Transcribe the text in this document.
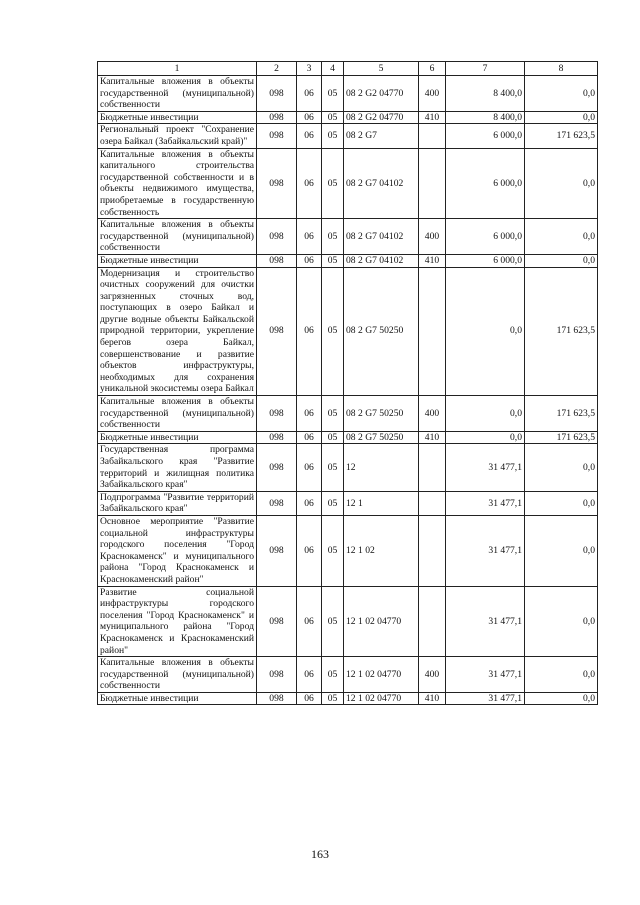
1	2	3	4	5	6	7	8
Капитальные вложения в объекты государственной (муниципальной) собственности	098	06	05	08 2 G2 04770	400	8 400,0	0,0
Бюджетные инвестиции	098	06	05	08 2 G2 04770	410	8 400,0	0,0
Региональный проект "Сохранение озера Байкал (Забайкальский край)"	098	06	05	08 2 G7		6 000,0	171 623,5
Капитальные вложения в объекты капитального строительства государственной собственности и в объекты недвижимого имущества, приобретаемые в государственную собственность	098	06	05	08 2 G7 04102		6 000,0	0,0
Капитальные вложения в объекты государственной (муниципальной) собственности	098	06	05	08 2 G7 04102	400	6 000,0	0,0
Бюджетные инвестиции	098	06	05	08 2 G7 04102	410	6 000,0	0,0
Модернизация и строительство очистных сооружений для очистки загрязненных сточных вод, поступающих в озеро Байкал и другие водные объекты Байкальской природной территории, укрепление берегов озера Байкал, совершенствование и развитие объектов инфраструктуры, необходимых для сохранения уникальной экосистемы озера Байкал	098	06	05	08 2 G7 50250		0,0	171 623,5
Капитальные вложения в объекты государственной (муниципальной) собственности	098	06	05	08 2 G7 50250	400	0,0	171 623,5
Бюджетные инвестиции	098	06	05	08 2 G7 50250	410	0,0	171 623,5
Государственная программа Забайкальского края "Развитие территорий и жилищная политика Забайкальского края"	098	06	05	12		31 477,1	0,0
Подпрограмма "Развитие территорий Забайкальского края"	098	06	05	12 1		31 477,1	0,0
Основное мероприятие "Развитие социальной инфраструктуры городского поселения "Город Краснокаменск" и муниципального района "Город Краснокаменск и Краснокаменский район"	098	06	05	12 1 02		31 477,1	0,0
Развитие социальной инфраструктуры городского поселения "Город Краснокаменск" и муниципального района "Город Краснокаменск и Краснокаменский район"	098	06	05	12 1 02 04770		31 477,1	0,0
Капитальные вложения в объекты государственной (муниципальной) собственности	098	06	05	12 1 02 04770	400	31 477,1	0,0
Бюджетные инвестиции	098	06	05	12 1 02 04770	410	31 477,1	0,0
163
